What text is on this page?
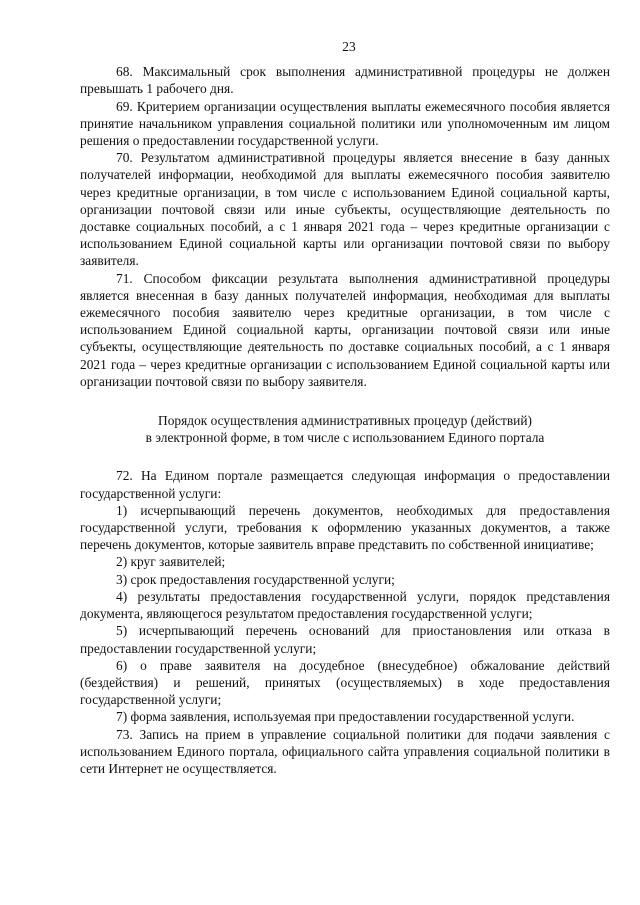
23

68. Максимальный срок выполнения административной процедуры не должен превышать 1 рабочего дня.

69. Критерием организации осуществления выплаты ежемесячного пособия является принятие начальником управления социальной политики или уполномоченным им лицом решения о предоставлении государственной услуги.

70. Результатом административной процедуры является внесение в базу данных получателей информации, необходимой для выплаты ежемесячного пособия заявителю через кредитные организации, в том числе с использованием Единой социальной карты, организации почтовой связи или иные субъекты, осуществляющие деятельность по доставке социальных пособий, а с 1 января 2021 года – через кредитные организации с использованием Единой социальной карты или организации почтовой связи по выбору заявителя.

71. Способом фиксации результата выполнения административной процедуры является внесенная в базу данных получателей информация, необходимая для выплаты ежемесячного пособия заявителю через кредитные организации, в том числе с использованием Единой социальной карты, организации почтовой связи или иные субъекты, осуществляющие деятельность по доставке социальных пособий, а с 1 января 2021 года – через кредитные организации с использованием Единой социальной карты или организации почтовой связи по выбору заявителя.

Порядок осуществления административных процедур (действий)
в электронной форме, в том числе с использованием Единого портала

72. На Едином портале размещается следующая информация о предоставлении государственной услуги:

1) исчерпывающий перечень документов, необходимых для предоставления государственной услуги, требования к оформлению указанных документов, а также перечень документов, которые заявитель вправе представить по собственной инициативе;

2) круг заявителей;

3) срок предоставления государственной услуги;

4) результаты предоставления государственной услуги, порядок представления документа, являющегося результатом предоставления государственной услуги;

5) исчерпывающий перечень оснований для приостановления или отказа в предоставлении государственной услуги;

6) о праве заявителя на досудебное (внесудебное) обжалование действий (бездействия) и решений, принятых (осуществляемых) в ходе предоставления государственной услуги;

7) форма заявления, используемая при предоставлении государственной услуги.

73. Запись на прием в управление социальной политики для подачи заявления с использованием Единого портала, официального сайта управления социальной политики в сети Интернет не осуществляется.
